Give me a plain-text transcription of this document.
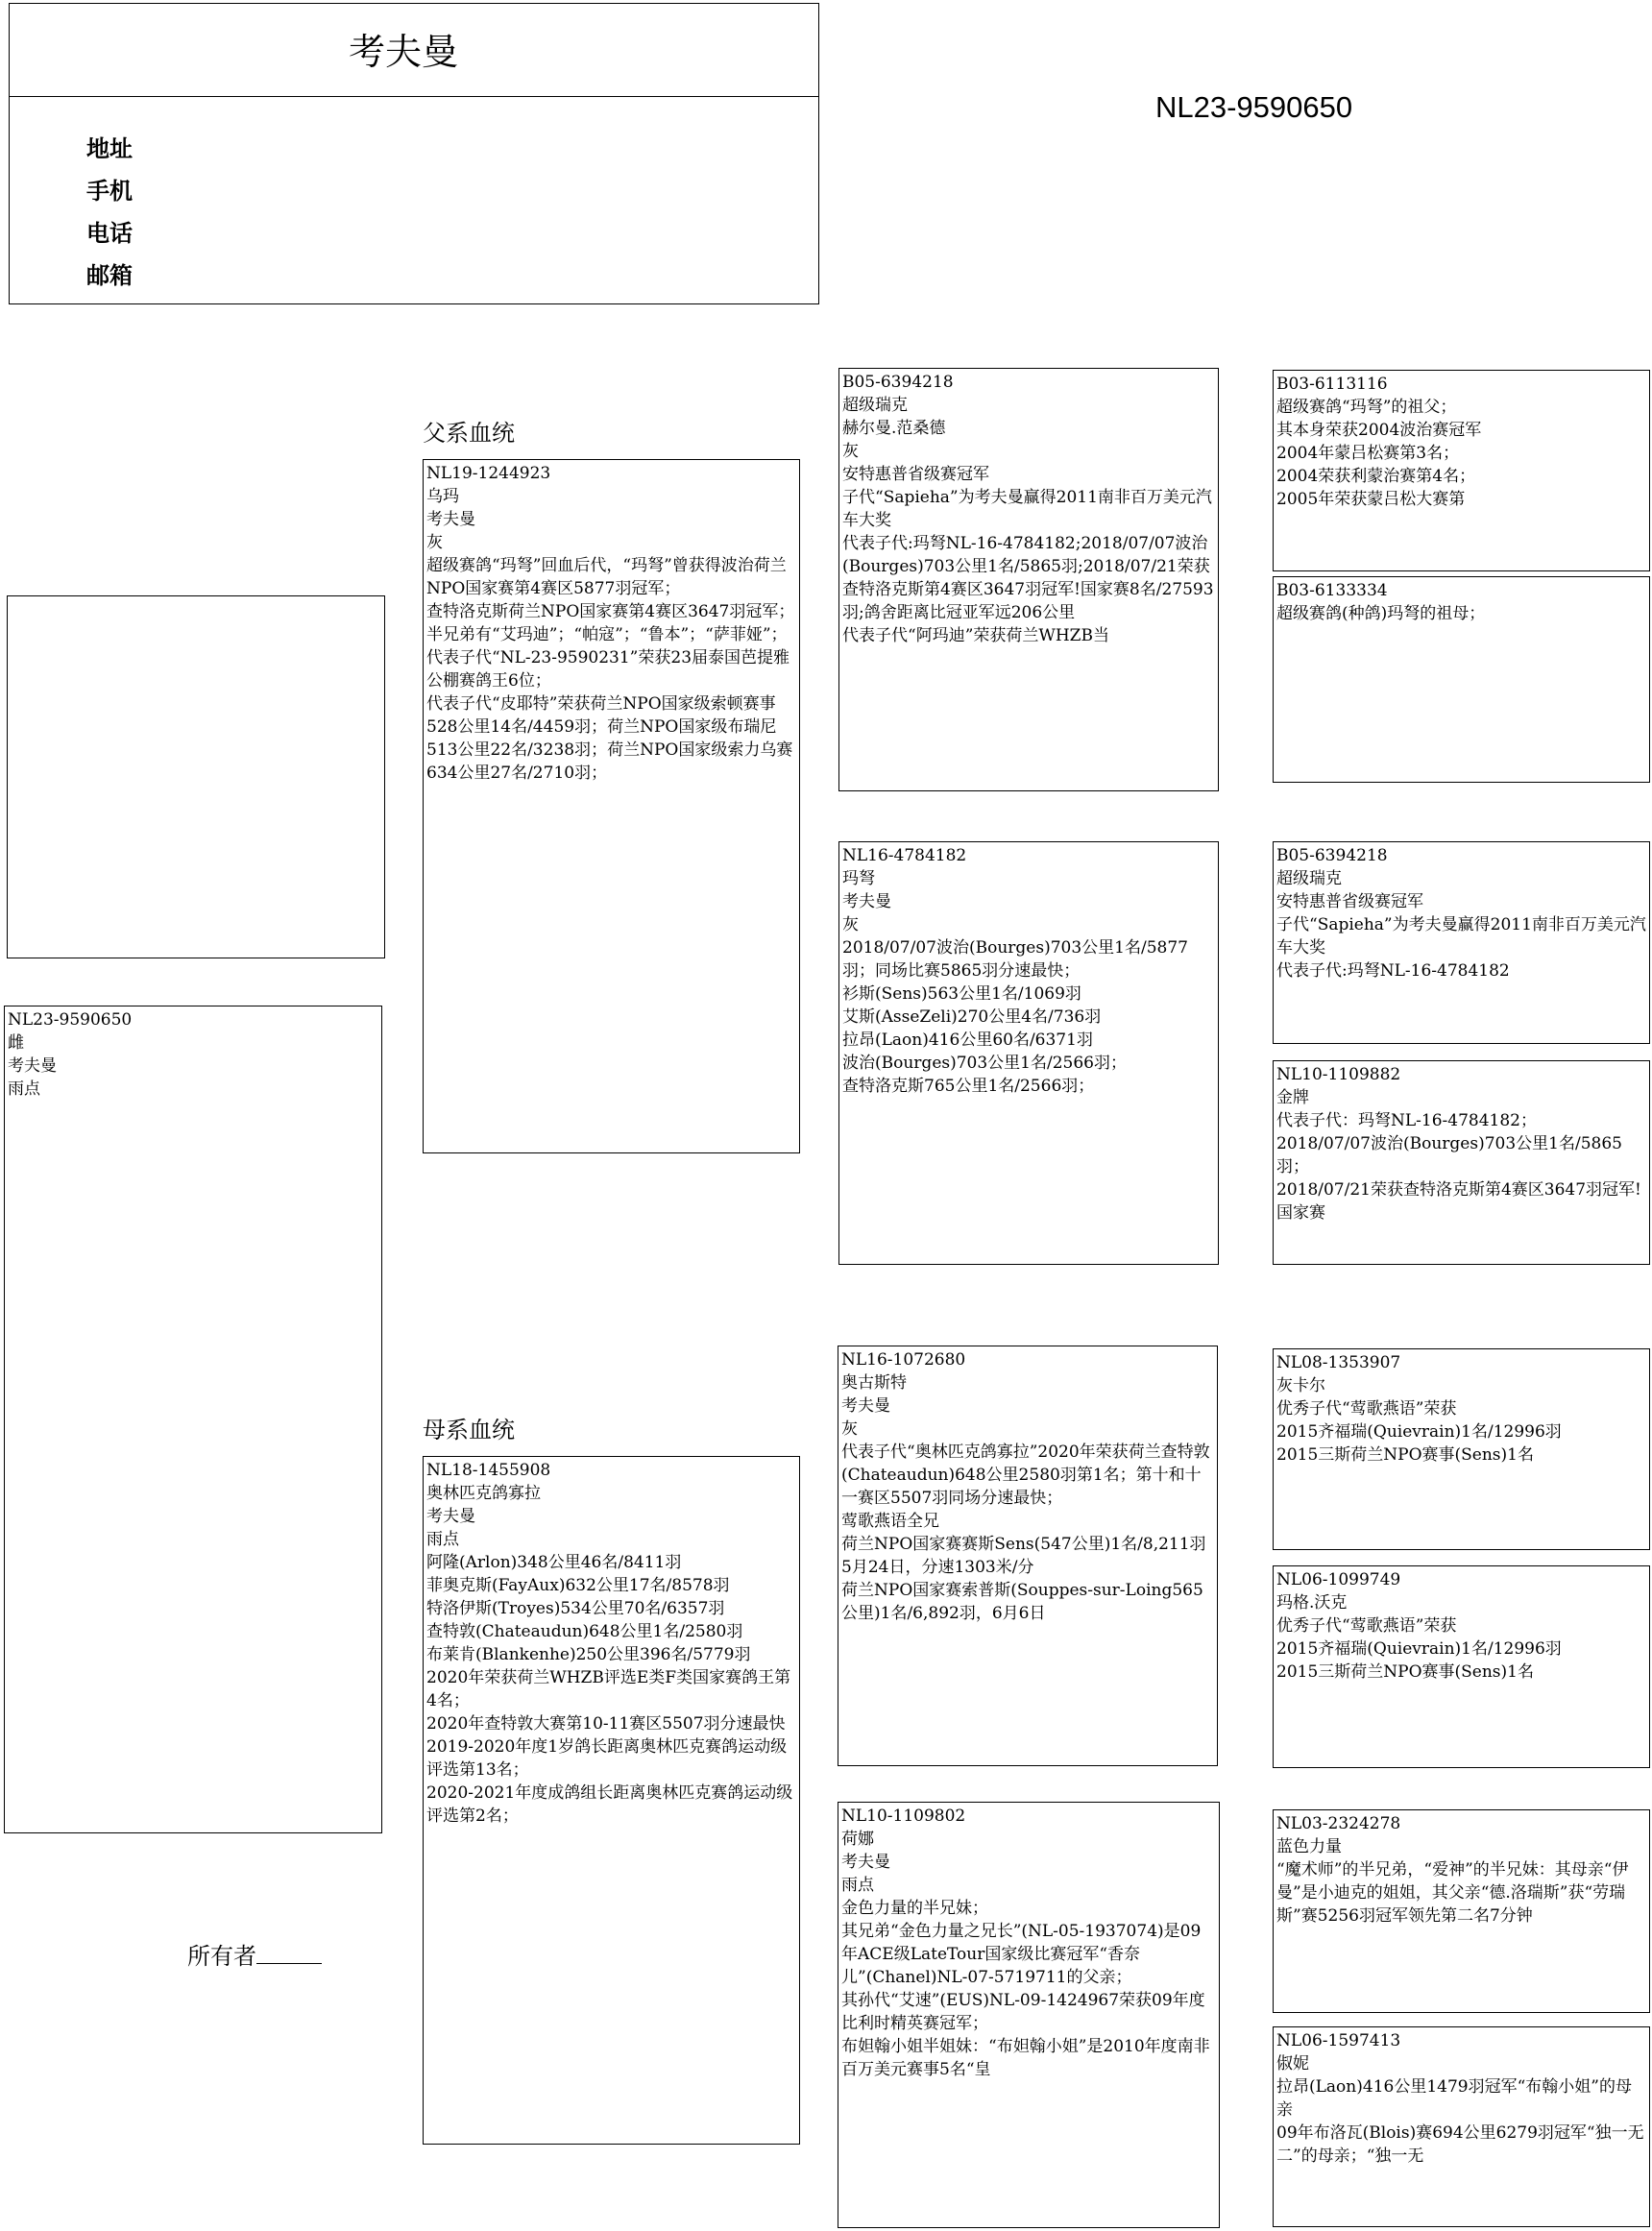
考夫曼
地址
手机
电话
邮箱
NL23-9590650
NL23-9590650
雌
考夫曼
雨点
父系血统
母系血统
NL19-1244923
乌玛
考夫曼
灰
超级赛鸽“玛弩”回血后代，“玛弩”曾获得波治荷兰NPO国家赛第4赛区5877羽冠军；
查特洛克斯荷兰NPO国家赛第4赛区3647羽冠军；
半兄弟有“艾玛迪”；“帕寇”；“鲁本”；“萨菲娅”；
代表子代“NL-23-9590231”荣获23届泰国芭提雅公棚赛鸽王6位；
代表子代“皮耶特”荣获荷兰NPO国家级索顿赛事528公里14名/4459羽；荷兰NPO国家级布瑞尼513公里22名/3238羽；荷兰NPO国家级索力乌赛634公里27名/2710羽；
NL18-1455908
奥林匹克鸽寡拉
考夫曼
雨点
阿隆(Arlon)348公里46名/8411羽
菲奥克斯(FayAux)632公里17名/8578羽
特洛伊斯(Troyes)534公里70名/6357羽
查特敦(Chateaudun)648公里1名/2580羽
布莱肯(Blankenhe)250公里396名/5779羽
2020年荣获荷兰WHZB评选E类F类国家赛鸽王第4名；
2020年查特敦大赛第10-11赛区5507羽分速最快
2019-2020年度1岁鸽长距离奥林匹克赛鸽运动级评选第13名；
2020-2021年度成鸽组长距离奥林匹克赛鸽运动级评选第2名；
B05-6394218
超级瑞克
赫尔曼.范桑德
灰
安特惠普省级赛冠军
子代“Sapieha”为考夫曼赢得2011南非百万美元汽车大奖
代表子代:玛弩NL-16-4784182;2018/07/07波治(Bourges)703公里1名/5865羽;2018/07/21荣获查特洛克斯第4赛区3647羽冠军!国家赛8名/27593羽;鸽舍距离比冠亚军远206公里
代表子代“阿玛迪”荣获荷兰WHZB当
NL16-4784182
玛弩
考夫曼
灰
2018/07/07波治(Bourges)703公里1名/5877羽；同场比赛5865羽分速最快；
衫斯(Sens)563公里1名/1069羽
艾斯(AsseZeli)270公里4名/736羽
拉昂(Laon)416公里60名/6371羽
波治(Bourges)703公里1名/2566羽；
查特洛克斯765公里1名/2566羽；
NL16-1072680
奥古斯特
考夫曼
灰
代表子代“奥林匹克鸽寡拉”2020年荣获荷兰查特敦(Chateaudun)648公里2580羽第1名；第十和十一赛区5507羽同场分速最快；
莺歌燕语全兄
荷兰NPO国家赛赛斯Sens(547公里)1名/8,211羽5月24日，分速1303米/分
荷兰NPO国家赛索普斯(Souppes-sur-Loing565公里)1名/6,892羽，6月6日
NL10-1109802
荷娜
考夫曼
雨点
金色力量的半兄妹；
其兄弟“金色力量之兄长”(NL-05-1937074)是09年ACE级LateTour国家级比赛冠军“香奈儿”(Chanel)NL-07-5719711的父亲；
其孙代“艾速”(EUS)NL-09-1424967荣获09年度比利时精英赛冠军；
布妲翰小姐半姐妹：“布妲翰小姐”是2010年度南非百万美元赛事5名“皇
B03-6113116
超级赛鸽“玛弩”的祖父；
其本身荣获2004波治赛冠军
2004年蒙吕松赛第3名；
2004荣获利蒙治赛第4名；
2005年荣获蒙吕松大赛第
B03-6133334
超级赛鸽(种鸽)玛弩的祖母；
B05-6394218
超级瑞克
安特惠普省级赛冠军
子代“Sapieha”为考夫曼赢得2011南非百万美元汽车大奖
代表子代:玛弩NL-16-4784182
NL10-1109882
金牌
代表子代：玛弩NL-16-4784182；
2018/07/07波治(Bourges)703公里1名/5865羽；
2018/07/21荣获查特洛克斯第4赛区3647羽冠军!国家赛
NL08-1353907
灰卡尔
优秀子代“莺歌燕语”荣获
2015齐福瑞(Quievrain)1名/12996羽
2015三斯荷兰NPO赛事(Sens)1名
NL06-1099749
玛格.沃克
优秀子代“莺歌燕语”荣获
2015齐福瑞(Quievrain)1名/12996羽
2015三斯荷兰NPO赛事(Sens)1名
NL03-2324278
蓝色力量
“魔术师”的半兄弟，“爱神”的半兄妹：其母亲“伊曼”是小迪克的姐姐，其父亲“德.洛瑞斯”获“劳瑞斯”赛5256羽冠军领先第二名7分钟
NL06-1597413
俶妮
拉昂(Laon)416公里1479羽冠军“布翰小姐”的母亲
09年布洛瓦(Blois)赛694公里6279羽冠军“独一无二”的母亲；“独一无
所有者
